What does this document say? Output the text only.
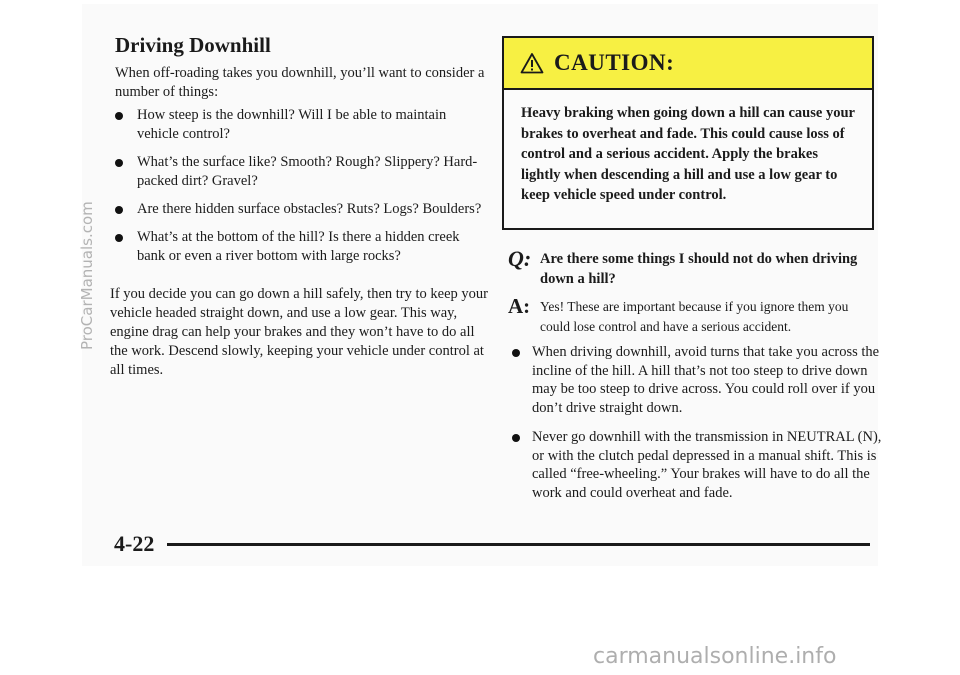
Driving Downhill

When off-roading takes you downhill, you’ll want to consider a number of things:

How steep is the downhill? Will I be able to maintain vehicle control?
What’s the surface like? Smooth? Rough? Slippery? Hard-packed dirt? Gravel?
Are there hidden surface obstacles? Ruts? Logs? Boulders?
What’s at the bottom of the hill? Is there a hidden creek bank or even a river bottom with large rocks?

If you decide you can go down a hill safely, then try to keep your vehicle headed straight down, and use a low gear. This way, engine drag can help your brakes and they won’t have to do all the work. Descend slowly, keeping your vehicle under control at all times.

CAUTION:

Heavy braking when going down a hill can cause your brakes to overheat and fade. This could cause loss of control and a serious accident. Apply the brakes lightly when descending a hill and use a low gear to keep vehicle speed under control.

Q: Are there some things I should not do when driving down a hill?

A: Yes! These are important because if you ignore them you could lose control and have a serious accident.

When driving downhill, avoid turns that take you across the incline of the hill. A hill that’s not too steep to drive down may be too steep to drive across. You could roll over if you don’t drive straight down.
Never go downhill with the transmission in NEUTRAL (N), or with the clutch pedal depressed in a manual shift. This is called “free-wheeling.” Your brakes will have to do all the work and could overheat and fade.

4-22

ProCarManuals.com
carmanualsonline.info
